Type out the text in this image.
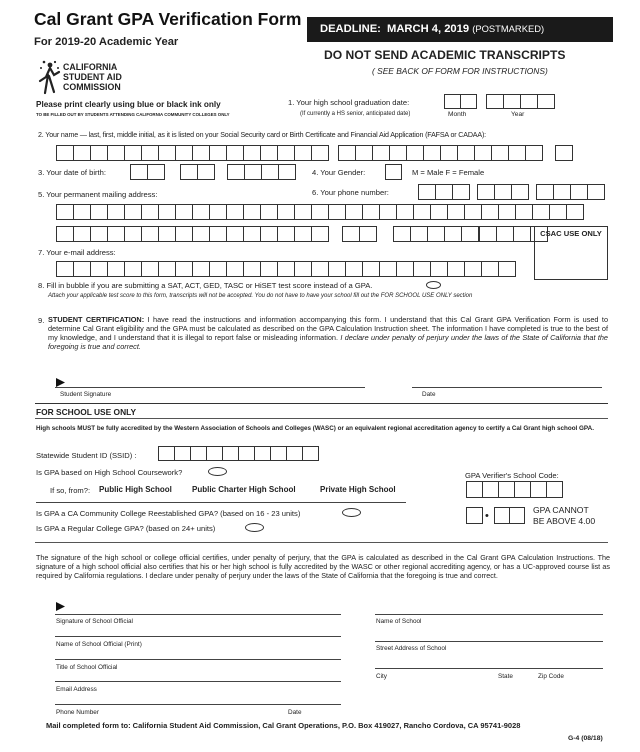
Cal Grant GPA Verification Form
For 2019-20 Academic Year
DEADLINE: MARCH 4, 2019 (POSTMARKED)
DO NOT SEND ACADEMIC TRANSCRIPTS
( SEE BACK OF FORM FOR INSTRUCTIONS)
CALIFORNIA
STUDENT AID
COMMISSION
Please print clearly using blue or black ink only
TO BE FILLED OUT BY STUDENTS ATTENDING CALIFORNIA COMMUNITY COLLEGES ONLY
1. Your high school graduation date:
(If currently a HS senior, anticipated date)	Month	Year
2. Your name — last, first, middle initial, as it is listed on your Social Security card or Birth Certificate and Financial Aid Application (FAFSA or CADAA):
3. Your date of birth:	4. Your Gender:	M = Male F = Female
5. Your permanent mailing address:	6. Your phone number:
CSAC USE ONLY
7. Your e-mail address:
8. Fill in bubble if you are submitting a SAT, ACT, GED, TASC or HiSET test score instead of a GPA.
Attach your applicable test score to this form, transcripts will not be accepted. You do not have to have your school fill out the FOR SCHOOL USE ONLY section
9. STUDENT CERTIFICATION: I have read the instructions and information accompanying this form. I understand that this Cal Grant GPA Verification Form is used to determine Cal Grant eligibility and the GPA must be calculated as described on the GPA Calculation Instruction sheet. The information I have completed is true to the best of my knowledge, and I understand that it is illegal to report false or misleading information. I declare under penalty of perjury under the laws of the State of California that the foregoing is true and correct.
Student Signature	Date
FOR SCHOOL USE ONLY
High schools MUST be fully accredited by the Western Association of Schools and Colleges (WASC) or an equivalent regional accreditation agency to certify a Cal Grant high school GPA.
Statewide Student ID (SSID) :
Is GPA based on High School Coursework?
If so, from?: Public High School	Public Charter High School	Private High School
Is GPA a CA Community College Reestablished GPA? (based on 16 - 23 units)
Is GPA a Regular College GPA? (based on 24+ units)
GPA Verifier's School Code:
•	GPA CANNOT
BE ABOVE 4.00
The signature of the high school or college official certifies, under penalty of perjury, that the GPA is calculated as described in the Cal Grant GPA Calculation Instructions. The signature of a high school official also certifies that his or her high school is fully accredited by the WASC or other regional accrediting agency, or has a UC-approved course list as required by California regulations. I declare under penalty of perjury under the laws of the State of California that the foregoing is true and correct.
Signature of School Official
Name of School Official (Print)
Title of School Official
Email Address
Phone Number	Date
Name of School
Street Address of School
City	State	Zip Code
Mail completed form to: California Student Aid Commission, Cal Grant Operations, P.O. Box 419027, Rancho Cordova, CA 95741-9028
G-4 (08/18)
